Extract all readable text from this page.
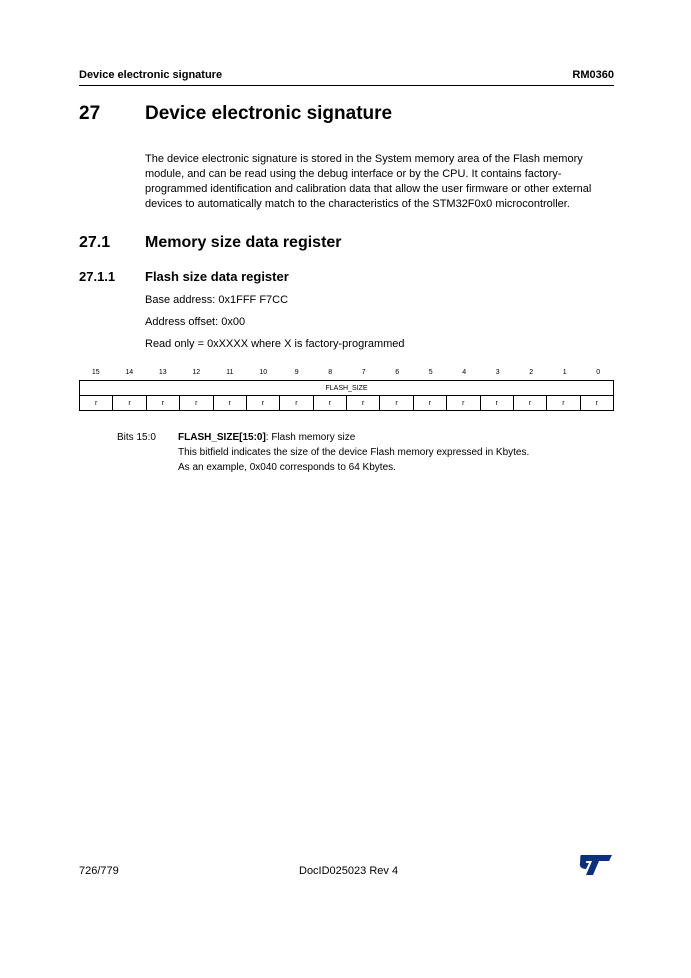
Device electronic signature	RM0360
27 Device electronic signature

The device electronic signature is stored in the System memory area of the Flash memory module, and can be read using the debug interface or by the CPU. It contains factory-programmed identification and calibration data that allow the user firmware or other external devices to automatically match to the characteristics of the STM32F0x0 microcontroller.

27.1 Memory size data register
27.1.1 Flash size data register
Base address: 0x1FFF F7CC
Address offset: 0x00
Read only = 0xXXXX where X is factory-programmed
15	14	13	12	11	10	9	8	7	6	5	4	3	2	1	0
FLASH_SIZE
r	r	r	r	r	r	r	r	r	r	r	r	r	r	r	r
Bits 15:0 FLASH_SIZE[15:0]: Flash memory size
This bitfield indicates the size of the device Flash memory expressed in Kbytes.
As an example, 0x040 corresponds to 64 Kbytes.
726/779	DocID025023 Rev 4
